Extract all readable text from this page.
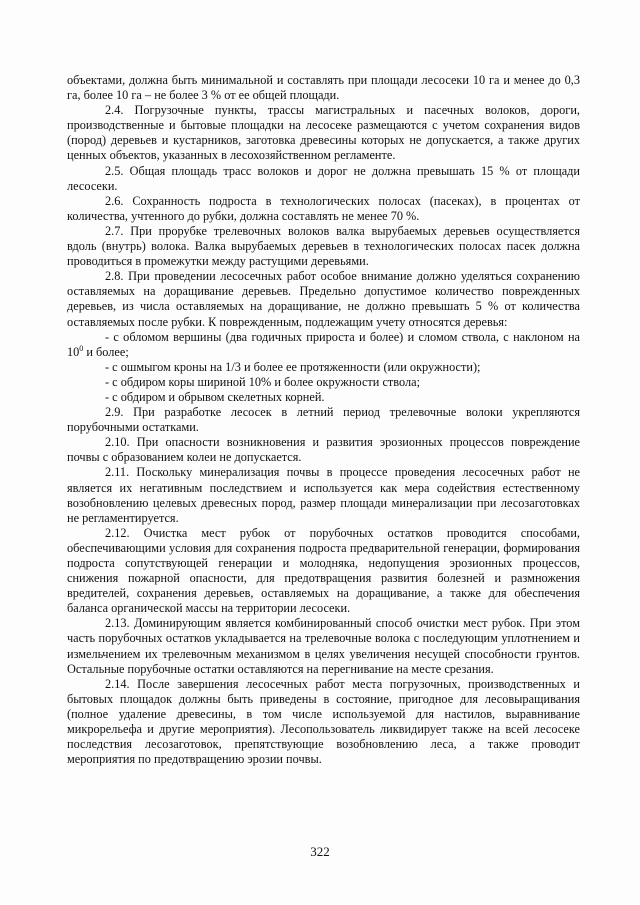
объектами, должна быть минимальной и составлять при площади лесосеки 10 га и менее до 0,3 га, более 10 га – не более 3 % от ее общей площади.

2.4. Погрузочные пункты, трассы магистральных и пасечных волоков, дороги, производственные и бытовые площадки на лесосеке размещаются с учетом сохранения видов (пород) деревьев и кустарников, заготовка древесины которых не допускается, а также других ценных объектов, указанных в лесохозяйственном регламенте.

2.5. Общая площадь трасс волоков и дорог не должна превышать 15 % от площади лесосеки.

2.6. Сохранность подроста в технологических полосах (пасеках), в процентах от количества, учтенного до рубки, должна составлять не менее 70 %.

2.7. При прорубке трелевочных волоков валка вырубаемых деревьев осуществляется вдоль (внутрь) волока. Валка вырубаемых деревьев в технологических полосах пасек должна проводиться в промежутки между растущими деревьями.

2.8. При проведении лесосечных работ особое внимание должно уделяться сохранению оставляемых на доращивание деревьев. Предельно допустимое количество поврежденных деревьев, из числа оставляемых на доращивание, не должно превышать 5 % от количества оставляемых после рубки. К поврежденным, подлежащим учету относятся деревья:

- с обломом вершины (два годичных прироста и более) и сломом ствола, с наклоном на $10^0$ и более;

- с ошмыгом кроны на 1/3 и более ее протяженности (или окружности);

- с обдиром коры шириной 10% и более окружности ствола;

- с обдиром и обрывом скелетных корней.

2.9. При разработке лесосек в летний период трелевочные волоки укрепляются порубочными остатками.

2.10. При опасности возникновения и развития эрозионных процессов повреждение почвы с образованием колеи не допускается.

2.11. Поскольку минерализация почвы в процессе проведения лесосечных работ не является их негативным последствием и используется как мера содействия естественному возобновлению целевых древесных пород, размер площади минерализации при лесозаготовках не регламентируется.

2.12. Очистка мест рубок от порубочных остатков проводится способами, обеспечивающими условия для сохранения подроста предварительной генерации, формирования подроста сопутствующей генерации и молодняка, недопущения эрозионных процессов, снижения пожарной опасности, для предотвращения развития болезней и размножения вредителей, сохранения деревьев, оставляемых на доращивание, а также для обеспечения баланса органической массы на территории лесосеки.

2.13. Доминирующим является комбинированный способ очистки мест рубок. При этом часть порубочных остатков укладывается на трелевочные волока с последующим уплотнением и измельчением их трелевочным механизмом в целях увеличения несущей способности грунтов. Остальные порубочные остатки оставляются на перегнивание на месте срезания.

2.14. После завершения лесосечных работ места погрузочных, производственных и бытовых площадок должны быть приведены в состояние, пригодное для лесовыращивания (полное удаление древесины, в том числе используемой для настилов, выравнивание микрорельефа и другие мероприятия). Лесопользователь ликвидирует также на всей лесосеке последствия лесозаготовок, препятствующие возобновлению леса, а также проводит мероприятия по предотвращению эрозии почвы.

322
